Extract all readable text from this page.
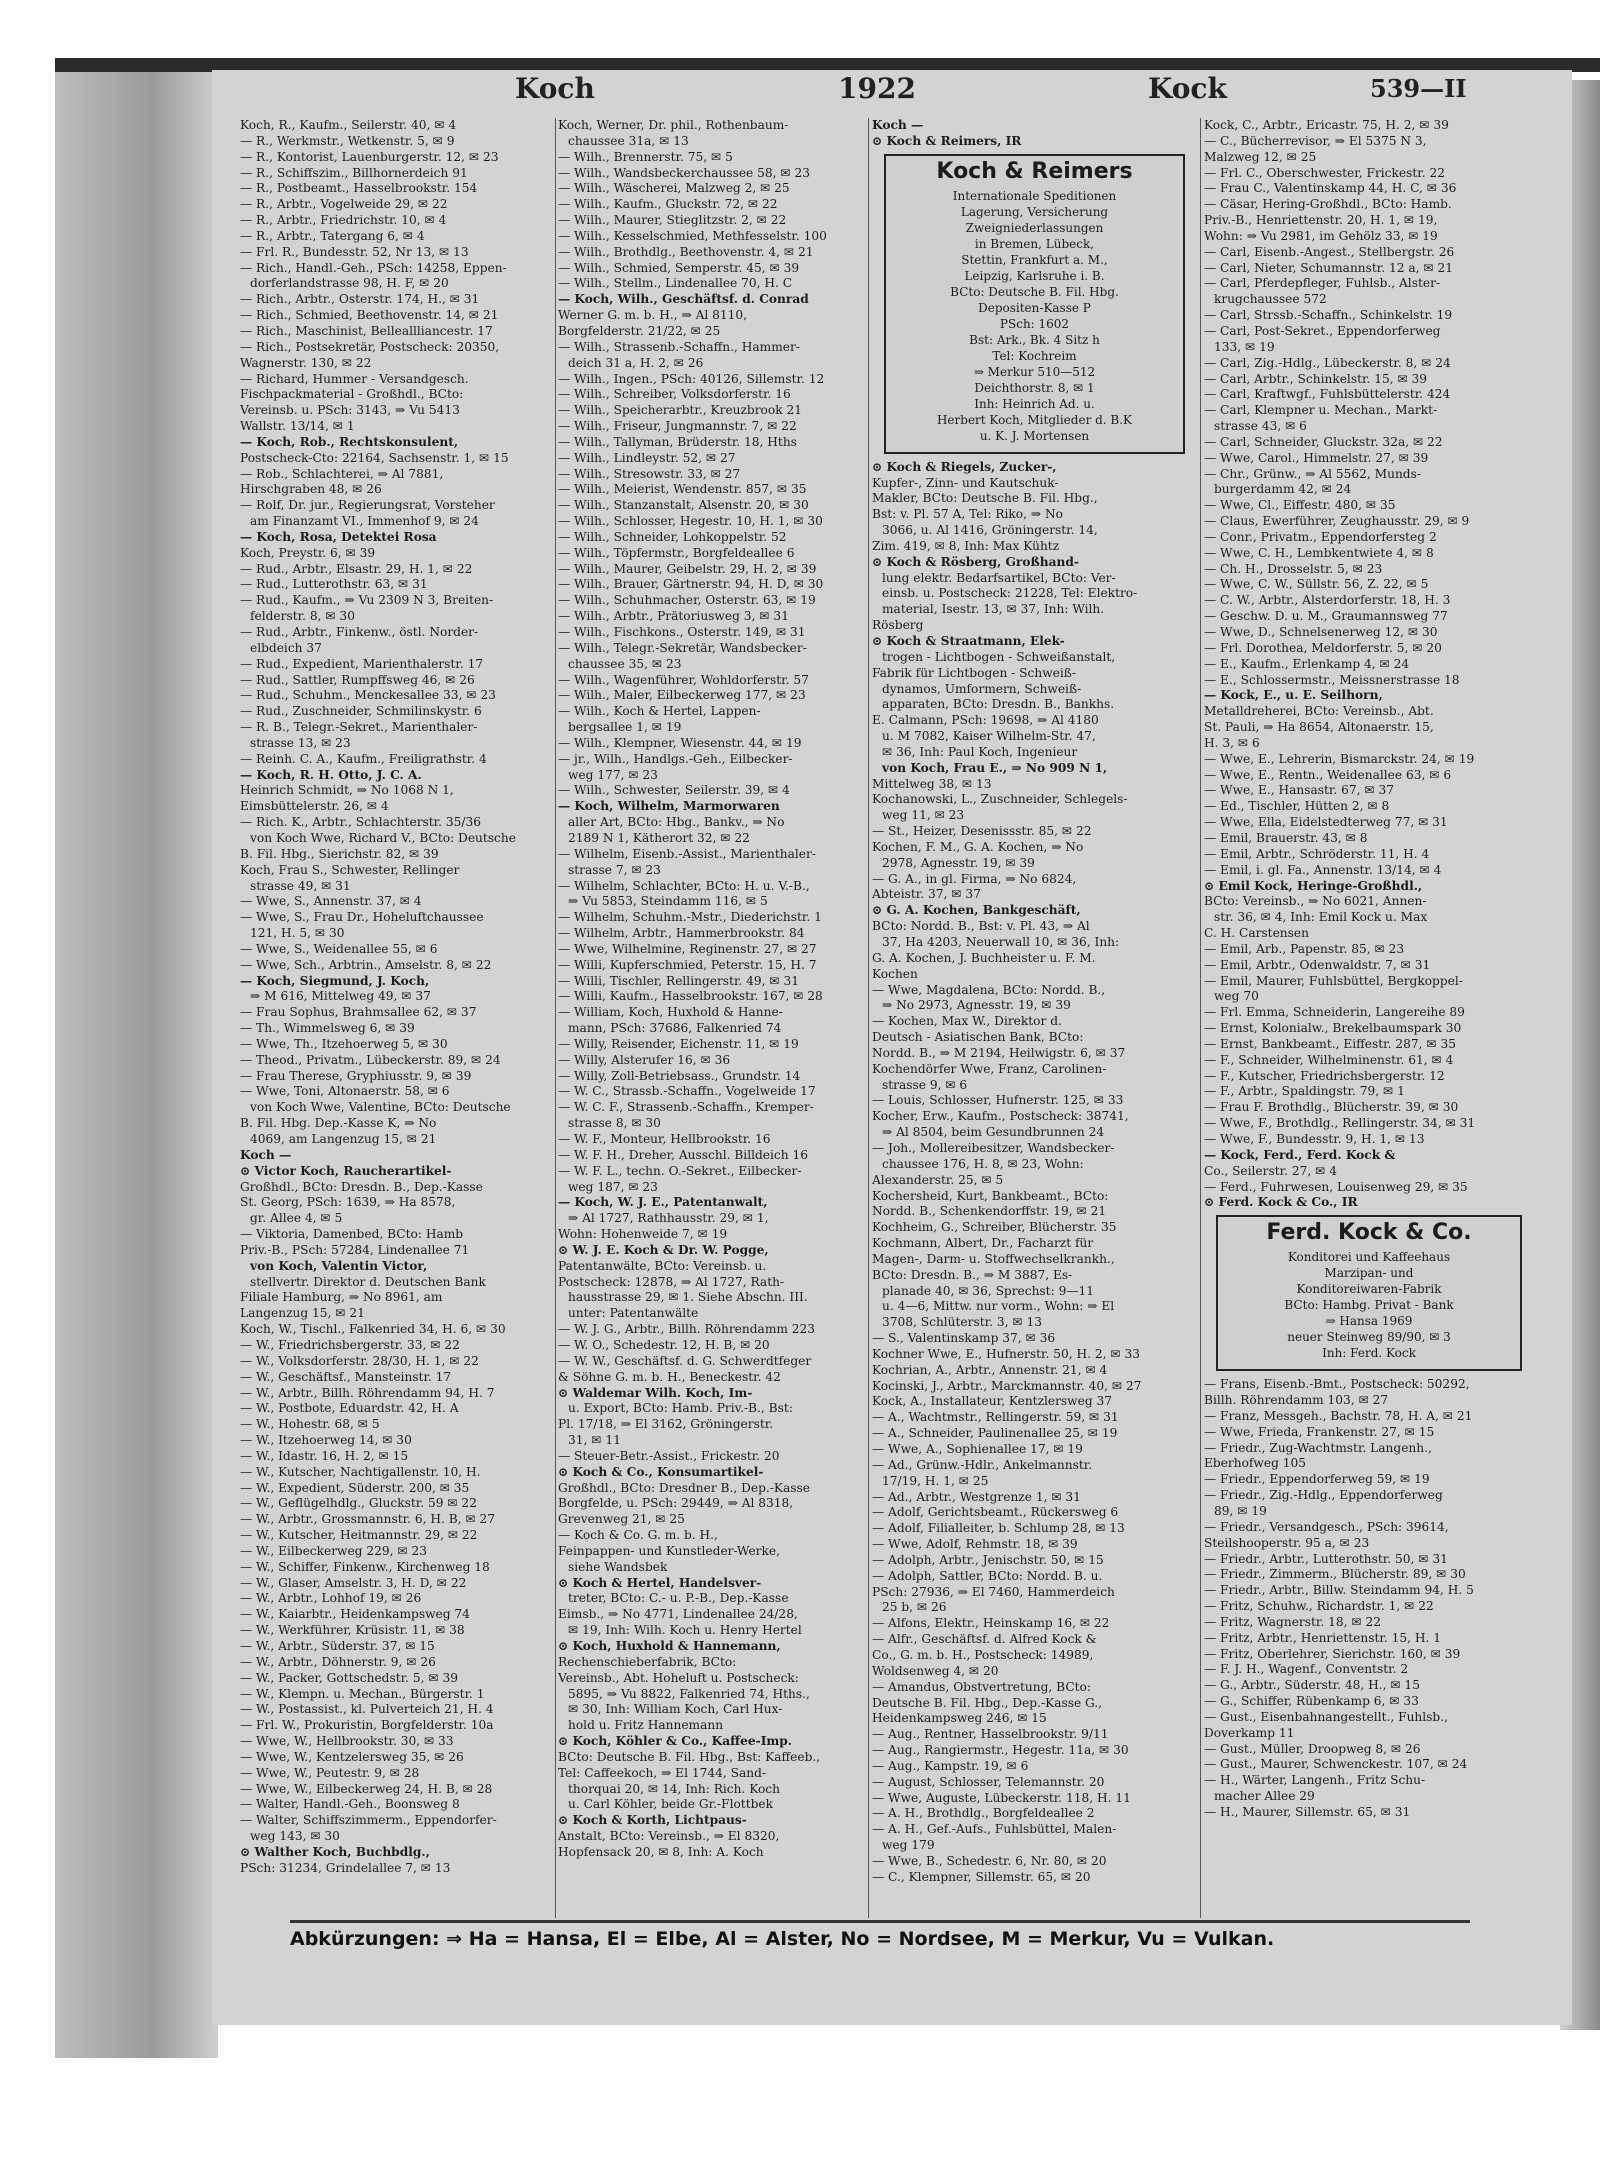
Koch	1922	Kock	539—II
Koch, R., Kaufm., Seilerstr. 40, ✉ 4
— R., Werkmstr., Wetkenstr. 5, ✉ 9
— R., Kontorist, Lauenburgerstr. 12, ✉ 23
— R., Schiffszim., Billhornerdeich 91
— R., Postbeamt., Hasselbrookstr. 154
— R., Arbtr., Vogelweide 29, ✉ 22
— R., Arbtr., Friedrichstr. 10, ✉ 4
— R., Arbtr., Tatergang 6, ✉ 4
— Frl. R., Bundesstr. 52, Nr 13, ✉ 13
— Rich., Handl.-Geh., PSch: 14258, Eppen-
dorferlandstrasse 98, H. F, ✉ 20
— Rich., Arbtr., Osterstr. 174, H., ✉ 31
— Rich., Schmied, Beethovenstr. 14, ✉ 21
— Rich., Maschinist, Belleallliancestr. 17
— Rich., Postsekretär, Postscheck: 20350,
Wagnerstr. 130, ✉ 22
— Richard, Hummer - Versandgesch.
Fischpackmaterial - Großhdl., BCto:
Vereinsb. u. PSch: 3143, ⇒ Vu 5413
Wallstr. 13/14, ✉ 1
— Koch, Rob., Rechtskonsulent,
Postscheck-Cto: 22164, Sachsenstr. 1, ✉ 15
— Rob., Schlachterei, ⇒ Al 7881,
Hirschgraben 48, ✉ 26
— Rolf, Dr. jur., Regierungsrat, Vorsteher
am Finanzamt VI., Immenhof 9, ✉ 24
— Koch, Rosa, Detektei Rosa
Koch, Preystr. 6, ✉ 39
— Rud., Arbtr., Elsastr. 29, H. 1, ✉ 22
— Rud., Lutterothstr. 63, ✉ 31
— Rud., Kaufm., ⇒ Vu 2309 N 3, Breiten-
felderstr. 8, ✉ 30
— Rud., Arbtr., Finkenw., östl. Norder-
elbdeich 37
— Rud., Expedient, Marienthalerstr. 17
— Rud., Sattler, Rumpffsweg 46, ✉ 26
— Rud., Schuhm., Menckesallee 33, ✉ 23
— Rud., Zuschneider, Schmilinskystr. 6
— R. B., Telegr.-Sekret., Marienthaler-
strasse 13, ✉ 23
— Reinh. C. A., Kaufm., Freiligrathstr. 4
— Koch, R. H. Otto, J. C. A.
Heinrich Schmidt, ⇒ No 1068 N 1,
Eimsbüttelerstr. 26, ✉ 4
— Rich. K., Arbtr., Schlachterstr. 35/36
von Koch Wwe, Richard V., BCto: Deutsche
B. Fil. Hbg., Sierichstr. 82, ✉ 39
Koch, Frau S., Schwester, Rellinger
strasse 49, ✉ 31
— Wwe, S., Annenstr. 37, ✉ 4
— Wwe, S., Frau Dr., Hoheluftchaussee
121, H. 5, ✉ 30
— Wwe, S., Weidenallee 55, ✉ 6
— Wwe, Sch., Arbtrin., Amselstr. 8, ✉ 22
— Koch, Siegmund, J. Koch,
⇒ M 616, Mittelweg 49, ✉ 37
— Frau Sophus, Brahmsallee 62, ✉ 37
— Th., Wimmelsweg 6, ✉ 39
— Wwe, Th., Itzehoerweg 5, ✉ 30
— Theod., Privatm., Lübeckerstr. 89, ✉ 24
— Frau Therese, Gryphiusstr. 9, ✉ 39
— Wwe, Toni, Altonaerstr. 58, ✉ 6
von Koch Wwe, Valentine, BCto: Deutsche
B. Fil. Hbg. Dep.-Kasse K, ⇒ No
4069, am Langenzug 15, ✉ 21
Koch —
⊙ Victor Koch, Raucherartikel-
Großhdl., BCto: Dresdn. B., Dep.-Kasse
St. Georg, PSch: 1639, ⇒ Ha 8578,
gr. Allee 4, ✉ 5
— Viktoria, Damenbed, BCto: Hamb
Priv.-B., PSch: 57284, Lindenallee 71
von Koch, Valentin Victor,
stellvertr. Direktor d. Deutschen Bank
Filiale Hamburg, ⇒ No 8961, am
Langenzug 15, ✉ 21
Koch, W., Tischl., Falkenried 34, H. 6, ✉ 30
— W., Friedrichsbergerstr. 33, ✉ 22
— W., Volksdorferstr. 28/30, H. 1, ✉ 22
— W., Geschäftsf., Mansteinstr. 17
— W., Arbtr., Billh. Röhrendamm 94, H. 7
— W., Postbote, Eduardstr. 42, H. A
— W., Hohestr. 68, ✉ 5
— W., Itzehoerweg 14, ✉ 30
— W., Idastr. 16, H. 2, ✉ 15
— W., Kutscher, Nachtigallenstr. 10, H.
— W., Expedient, Süderstr. 200, ✉ 35
— W., Geflügelhdlg., Gluckstr. 59 ✉ 22
— W., Arbtr., Grossmannstr. 6, H. B, ✉ 27
— W., Kutscher, Heitmannstr. 29, ✉ 22
— W., Eilbeckerweg 229, ✉ 23
— W., Schiffer, Finkenw., Kirchenweg 18
— W., Glaser, Amselstr. 3, H. D, ✉ 22
— W., Arbtr., Lohhof 19, ✉ 26
— W., Kaiarbtr., Heidenkampsweg 74
— W., Werkführer, Krüsistr. 11, ✉ 38
— W., Arbtr., Süderstr. 37, ✉ 15
— W., Arbtr., Döhnerstr. 9, ✉ 26
— W., Packer, Gottschedstr. 5, ✉ 39
— W., Klempn. u. Mechan., Bürgerstr. 1
— W., Postassist., kl. Pulverteich 21, H. 4
— Frl. W., Prokuristin, Borgfelderstr. 10a
— Wwe, W., Hellbrookstr. 30, ✉ 33
— Wwe, W., Kentzelersweg 35, ✉ 26
— Wwe, W., Peutestr. 9, ✉ 28
— Wwe, W., Eilbeckerweg 24, H. B, ✉ 28
— Walter, Handl.-Geh., Boonsweg 8
— Walter, Schiffszimmerm., Eppendorfer-
weg 143, ✉ 30
⊙ Walther Koch, Buchbdlg.,
PSch: 31234, Grindelallee 7, ✉ 13
Koch, Werner, Dr. phil., Rothenbaum-
chaussee 31a, ✉ 13
— Wilh., Brennerstr. 75, ✉ 5
— Wilh., Wandsbeckerchaussee 58, ✉ 23
— Wilh., Wäscherei, Malzweg 2, ✉ 25
— Wilh., Kaufm., Gluckstr. 72, ✉ 22
— Wilh., Maurer, Stieglitzstr. 2, ✉ 22
— Wilh., Kesselschmied, Methfesselstr. 100
— Wilh., Brothdlg., Beethovenstr. 4, ✉ 21
— Wilh., Schmied, Semperstr. 45, ✉ 39
— Wilh., Stellm., Lindenallee 70, H. C
— Koch, Wilh., Geschäftsf. d. Conrad
Werner G. m. b. H., ⇒ Al 8110,
Borgfelderstr. 21/22, ✉ 25
— Wilh., Strassenb.-Schaffn., Hammer-
deich 31 a, H. 2, ✉ 26
— Wilh., Ingen., PSch: 40126, Sillemstr. 12
— Wilh., Schreiber, Volksdorferstr. 16
— Wilh., Speicherarbtr., Kreuzbrook 21
— Wilh., Friseur, Jungmannstr. 7, ✉ 22
— Wilh., Tallyman, Brüderstr. 18, Hths
— Wilh., Lindleystr. 52, ✉ 27
— Wilh., Stresowstr. 33, ✉ 27
— Wilh., Meierist, Wendenstr. 857, ✉ 35
— Wilh., Stanzanstalt, Alsenstr. 20, ✉ 30
— Wilh., Schlosser, Hegestr. 10, H. 1, ✉ 30
— Wilh., Schneider, Lohkoppelstr. 52
— Wilh., Töpfermstr., Borgfeldeallee 6
— Wilh., Maurer, Geibelstr. 29, H. 2, ✉ 39
— Wilh., Brauer, Gärtnerstr. 94, H. D, ✉ 30
— Wilh., Schuhmacher, Osterstr. 63, ✉ 19
— Wilh., Arbtr., Prätoriusweg 3, ✉ 31
— Wilh., Fischkons., Osterstr. 149, ✉ 31
— Wilh., Telegr.-Sekretär, Wandsbecker-
chaussee 35, ✉ 23
— Wilh., Wagenführer, Wohldorferstr. 57
— Wilh., Maler, Eilbeckerweg 177, ✉ 23
— Wilh., Koch & Hertel, Lappen-
bergsallee 1, ✉ 19
— Wilh., Klempner, Wiesenstr. 44, ✉ 19
— jr., Wilh., Handlgs.-Geh., Eilbecker-
weg 177, ✉ 23
— Wilh., Schwester, Seilerstr. 39, ✉ 4
— Koch, Wilhelm, Marmorwaren
aller Art, BCto: Hbg., Bankv., ⇒ No
2189 N 1, Kätherort 32, ✉ 22
— Wilhelm, Eisenb.-Assist., Marienthaler-
strasse 7, ✉ 23
— Wilhelm, Schlachter, BCto: H. u. V.-B.,
⇒ Vu 5853, Steindamm 116, ✉ 5
— Wilhelm, Schuhm.-Mstr., Diederichstr. 1
— Wilhelm, Arbtr., Hammerbrookstr. 84
— Wwe, Wilhelmine, Reginenstr. 27, ✉ 27
— Willi, Kupferschmied, Peterstr. 15, H. 7
— Willi, Tischler, Rellingerstr. 49, ✉ 31
— Willi, Kaufm., Hasselbrookstr. 167, ✉ 28
— William, Koch, Huxhold & Hanne-
mann, PSch: 37686, Falkenried 74
— Willy, Reisender, Eichenstr. 11, ✉ 19
— Willy, Alsterufer 16, ✉ 36
— Willy, Zoll-Betriebsass., Grundstr. 14
— W. C., Strassb.-Schaffn., Vogelweide 17
— W. C. F., Strassenb.-Schaffn., Kremper-
strasse 8, ✉ 30
— W. F., Monteur, Hellbrookstr. 16
— W. F. H., Dreher, Ausschl. Billdeich 16
— W. F. L., techn. O.-Sekret., Eilbecker-
weg 187, ✉ 23
— Koch, W. J. E., Patentanwalt,
⇒ Al 1727, Rathhausstr. 29, ✉ 1,
Wohn: Hohenweide 7, ✉ 19
⊙ W. J. E. Koch & Dr. W. Pogge,
Patentanwälte, BCto: Vereinsb. u.
Postscheck: 12878, ⇒ Al 1727, Rath-
hausstrasse 29, ✉ 1. Siehe Abschn. III.
unter: Patentanwälte
— W. J. G., Arbtr., Billh. Röhrendamm 223
— W. O., Schedestr. 12, H. B, ✉ 20
— W. W., Geschäftsf. d. G. Schwerdtfeger
& Söhne G. m. b. H., Beneckestr. 42
⊙ Waldemar Wilh. Koch, Im-
u. Export, BCto: Hamb. Priv.-B., Bst:
Pl. 17/18, ⇒ El 3162, Gröningerstr.
31, ✉ 11
— Steuer-Betr.-Assist., Frickestr. 20
⊙ Koch & Co., Konsumartikel-
Großhdl., BCto: Dresdner B., Dep.-Kasse
Borgfelde, u. PSch: 29449, ⇒ Al 8318,
Grevenweg 21, ✉ 25
— Koch & Co. G. m. b. H.,
Feinpappen- und Kunstleder-Werke,
siehe Wandsbek
⊙ Koch & Hertel, Handelsver-
treter, BCto: C.- u. P.-B., Dep.-Kasse
Eimsb., ⇒ No 4771, Lindenallee 24/28,
✉ 19, Inh: Wilh. Koch u. Henry Hertel
⊙ Koch, Huxhold & Hannemann,
Rechenschieberfabrik, BCto:
Vereinsb., Abt. Hoheluft u. Postscheck:
5895, ⇒ Vu 8822, Falkenried 74, Hths.,
✉ 30, Inh: William Koch, Carl Hux-
hold u. Fritz Hannemann
⊙ Koch, Köhler & Co., Kaffee-Imp.
BCto: Deutsche B. Fil. Hbg., Bst: Kaffeeb.,
Tel: Caffeekoch, ⇒ El 1744, Sand-
thorquai 20, ✉ 14, Inh: Rich. Koch
u. Carl Köhler, beide Gr.-Flottbek
⊙ Koch & Korth, Lichtpaus-
Anstalt, BCto: Vereinsb., ⇒ El 8320,
Hopfensack 20, ✉ 8, Inh: A. Koch
Koch —
⊙ Koch & Reimers, IR
Koch & Reimers
Internationale Speditionen
Lagerung, Versicherung
Zweigniederlassungen
in Bremen, Lübeck,
Stettin, Frankfurt a. M.,
Leipzig, Karlsruhe i. B.
BCto: Deutsche B. Fil. Hbg.
Depositen-Kasse P
PSch: 1602
Bst: Ark., Bk. 4 Sitz h
Tel: Kochreim
⇒ Merkur 510—512
Deichthorstr. 8, ✉ 1
Inh: Heinrich Ad. u.
Herbert Koch, Mitglieder d. B.K
u. K. J. Mortensen
⊙ Koch & Riegels, Zucker-,
Kupfer-, Zinn- und Kautschuk-
Makler, BCto: Deutsche B. Fil. Hbg.,
Bst: v. Pl. 57 A, Tel: Riko, ⇒ No
3066, u. Al 1416, Gröningerstr. 14,
Zim. 419, ✉ 8, Inh: Max Kühtz
⊙ Koch & Rösberg, Großhand-
lung elektr. Bedarfsartikel, BCto: Ver-
einsb. u. Postscheck: 21228, Tel: Elektro-
material, Isestr. 13, ✉ 37, Inh: Wilh.
Rösberg
⊙ Koch & Straatmann, Elek-
trogen - Lichtbogen - Schweißanstalt,
Fabrik für Lichtbogen - Schweiß-
dynamos, Umformern, Schweiß-
apparaten, BCto: Dresdn. B., Bankhs.
E. Calmann, PSch: 19698, ⇒ Al 4180
u. M 7082, Kaiser Wilhelm-Str. 47,
✉ 36, Inh: Paul Koch, Ingenieur
von Koch, Frau E., ⇒ No 909 N 1,
Mittelweg 38, ✉ 13
Kochanowski, L., Zuschneider, Schlegels-
weg 11, ✉ 23
— St., Heizer, Desenissstr. 85, ✉ 22
Kochen, F. M., G. A. Kochen, ⇒ No
2978, Agnesstr. 19, ✉ 39
— G. A., in gl. Firma, ⇒ No 6824,
Abteistr. 37, ✉ 37
⊙ G. A. Kochen, Bankgeschäft,
BCto: Nordd. B., Bst: v. Pl. 43, ⇒ Al
37, Ha 4203, Neuerwall 10, ✉ 36, Inh:
G. A. Kochen, J. Buchheister u. F. M.
Kochen
— Wwe, Magdalena, BCto: Nordd. B.,
⇒ No 2973, Agnesstr. 19, ✉ 39
— Kochen, Max W., Direktor d.
Deutsch - Asiatischen Bank, BCto:
Nordd. B., ⇒ M 2194, Heilwigstr. 6, ✉ 37
Kochendörfer Wwe, Franz, Carolinen-
strasse 9, ✉ 6
— Louis, Schlosser, Hufnerstr. 125, ✉ 33
Kocher, Erw., Kaufm., Postscheck: 38741,
⇒ Al 8504, beim Gesundbrunnen 24
— Joh., Mollereibesitzer, Wandsbecker-
chaussee 176, H. 8, ✉ 23, Wohn:
Alexanderstr. 25, ✉ 5
Kochersheid, Kurt, Bankbeamt., BCto:
Nordd. B., Schenkendorffstr. 19, ✉ 21
Kochheim, G., Schreiber, Blücherstr. 35
Kochmann, Albert, Dr., Facharzt für
Magen-, Darm- u. Stoffwechselkrankh.,
BCto: Dresdn. B., ⇒ M 3887, Es-
planade 40, ✉ 36, Sprechst: 9—11
u. 4—6, Mittw. nur vorm., Wohn: ⇒ El
3708, Schlüterstr. 3, ✉ 13
— S., Valentinskamp 37, ✉ 36
Kochner Wwe, E., Hufnerstr. 50, H. 2, ✉ 33
Kochrian, A., Arbtr., Annenstr. 21, ✉ 4
Kocinski, J., Arbtr., Marckmannstr. 40, ✉ 27
Kock, A., Installateur, Kentzlersweg 37
— A., Wachtmstr., Rellingerstr. 59, ✉ 31
— A., Schneider, Paulinenallee 25, ✉ 19
— Wwe, A., Sophienallee 17, ✉ 19
— Ad., Grünw.-Hdlr., Ankelmannstr.
17/19, H. 1, ✉ 25
— Ad., Arbtr., Westgrenze 1, ✉ 31
— Adolf, Gerichtsbeamt., Rückersweg 6
— Adolf, Filialleiter, b. Schlump 28, ✉ 13
— Wwe, Adolf, Rehmstr. 18, ✉ 39
— Adolph, Arbtr., Jenischstr. 50, ✉ 15
— Adolph, Sattler, BCto: Nordd. B. u.
PSch: 27936, ⇒ El 7460, Hammerdeich
25 b, ✉ 26
— Alfons, Elektr., Heinskamp 16, ✉ 22
— Alfr., Geschäftsf. d. Alfred Kock &
Co., G. m. b. H., Postscheck: 14989,
Woldsenweg 4, ✉ 20
— Amandus, Obstvertretung, BCto:
Deutsche B. Fil. Hbg., Dep.-Kasse G.,
Heidenkampsweg 246, ✉ 15
— Aug., Rentner, Hasselbrookstr. 9/11
— Aug., Rangiermstr., Hegestr. 11a, ✉ 30
— Aug., Kampstr. 19, ✉ 6
— August, Schlosser, Telemannstr. 20
— Wwe, Auguste, Lübeckerstr. 118, H. 11
— A. H., Brothdlg., Borgfeldeallee 2
— A. H., Gef.-Aufs., Fuhlsbüttel, Malen-
weg 179
— Wwe, B., Schedestr. 6, Nr. 80, ✉ 20
— C., Klempner, Sillemstr. 65, ✉ 20
Kock, C., Arbtr., Ericastr. 75, H. 2, ✉ 39
— C., Bücherrevisor, ⇒ El 5375 N 3,
Malzweg 12, ✉ 25
— Frl. C., Oberschwester, Frickestr. 22
— Frau C., Valentinskamp 44, H. C, ✉ 36
— Cäsar, Hering-Großhdl., BCto: Hamb.
Priv.-B., Henriettenstr. 20, H. 1, ✉ 19,
Wohn: ⇒ Vu 2981, im Gehölz 33, ✉ 19
— Carl, Eisenb.-Angest., Stellbergstr. 26
— Carl, Nieter, Schumannstr. 12 a, ✉ 21
— Carl, Pferdepfleger, Fuhlsb., Alster-
krugchaussee 572
— Carl, Strssb.-Schaffn., Schinkelstr. 19
— Carl, Post-Sekret., Eppendorferweg
133, ✉ 19
— Carl, Zig.-Hdlg., Lübeckerstr. 8, ✉ 24
— Carl, Arbtr., Schinkelstr. 15, ✉ 39
— Carl, Kraftwgf., Fuhlsbüttelerstr. 424
— Carl, Klempner u. Mechan., Markt-
strasse 43, ✉ 6
— Carl, Schneider, Gluckstr. 32a, ✉ 22
— Wwe, Carol., Himmelstr. 27, ✉ 39
— Chr., Grünw., ⇒ Al 5562, Munds-
burgerdamm 42, ✉ 24
— Wwe, Cl., Eiffestr. 480, ✉ 35
— Claus, Ewerführer, Zeughausstr. 29, ✉ 9
— Conr., Privatm., Eppendorfersteg 2
— Wwe, C. H., Lembkentwiete 4, ✉ 8
— Ch. H., Drosselstr. 5, ✉ 23
— Wwe, C. W., Süllstr. 56, Z. 22, ✉ 5
— C. W., Arbtr., Alsterdorferstr. 18, H. 3
— Geschw. D. u. M., Graumannsweg 77
— Wwe, D., Schnelsenerweg 12, ✉ 30
— Frl. Dorothea, Meldorferstr. 5, ✉ 20
— E., Kaufm., Erlenkamp 4, ✉ 24
— E., Schlossermstr., Meissnerstrasse 18
— Kock, E., u. E. Seilhorn,
Metalldreherei, BCto: Vereinsb., Abt.
St. Pauli, ⇒ Ha 8654, Altonaerstr. 15,
H. 3, ✉ 6
— Wwe, E., Lehrerin, Bismarckstr. 24, ✉ 19
— Wwe, E., Rentn., Weidenallee 63, ✉ 6
— Wwe, E., Hansastr. 67, ✉ 37
— Ed., Tischler, Hütten 2, ✉ 8
— Wwe, Ella, Eidelstedterweg 77, ✉ 31
— Emil, Brauerstr. 43, ✉ 8
— Emil, Arbtr., Schröderstr. 11, H. 4
— Emil, i. gl. Fa., Annenstr. 13/14, ✉ 4
⊙ Emil Kock, Heringe-Großhdl.,
BCto: Vereinsb., ⇒ No 6021, Annen-
str. 36, ✉ 4, Inh: Emil Kock u. Max
C. H. Carstensen
— Emil, Arb., Papenstr. 85, ✉ 23
— Emil, Arbtr., Odenwaldstr. 7, ✉ 31
— Emil, Maurer, Fuhlsbüttel, Bergkoppel-
weg 70
— Frl. Emma, Schneiderin, Langereihe 89
— Ernst, Kolonialw., Brekelbaumspark 30
— Ernst, Bankbeamt., Eiffestr. 287, ✉ 35
— F., Schneider, Wilhelminenstr. 61, ✉ 4
— F., Kutscher, Friedrichsbergerstr. 12
— F., Arbtr., Spaldingstr. 79, ✉ 1
— Frau F. Brothdlg., Blücherstr. 39, ✉ 30
— Wwe, F., Brothdlg., Rellingerstr. 34, ✉ 31
— Wwe, F., Bundesstr. 9, H. 1, ✉ 13
— Kock, Ferd., Ferd. Kock &
Co., Seilerstr. 27, ✉ 4
— Ferd., Fuhrwesen, Louisenweg 29, ✉ 35
⊙ Ferd. Kock & Co., IR
Ferd. Kock & Co.
Konditorei und Kaffeehaus
Marzipan- und
Konditoreiwaren-Fabrik
BCto: Hambg. Privat - Bank
⇒ Hansa 1969
neuer Steinweg 89/90, ✉ 3
Inh: Ferd. Kock
— Frans, Eisenb.-Bmt., Postscheck: 50292,
Billh. Röhrendamm 103, ✉ 27
— Franz, Messgeh., Bachstr. 78, H. A, ✉ 21
— Wwe, Frieda, Frankenstr. 27, ✉ 15
— Friedr., Zug-Wachtmstr. Langenh.,
Eberhofweg 105
— Friedr., Eppendorferweg 59, ✉ 19
— Friedr., Zig.-Hdlg., Eppendorferweg
89, ✉ 19
— Friedr., Versandgesch., PSch: 39614,
Steilshooperstr. 95 a, ✉ 23
— Friedr., Arbtr., Lutterothstr. 50, ✉ 31
— Friedr., Zimmerm., Blücherstr. 89, ✉ 30
— Friedr., Arbtr., Billw. Steindamm 94, H. 5
— Fritz, Schuhw., Richardstr. 1, ✉ 22
— Fritz, Wagnerstr. 18, ✉ 22
— Fritz, Arbtr., Henriettenstr. 15, H. 1
— Fritz, Oberlehrer, Sierichstr. 160, ✉ 39
— F. J. H., Wagenf., Conventstr. 2
— G., Arbtr., Süderstr. 48, H., ✉ 15
— G., Schiffer, Rübenkamp 6, ✉ 33
— Gust., Eisenbahnangestellt., Fuhlsb.,
Doverkamp 11
— Gust., Müller, Droopweg 8, ✉ 26
— Gust., Maurer, Schwenckestr. 107, ✉ 24
— H., Wärter, Langenh., Fritz Schu-
macher Allee 29
— H., Maurer, Sillemstr. 65, ✉ 31
Abkürzungen: ⇒ Ha = Hansa, El = Elbe, Al = Alster, No = Nordsee, M = Merkur, Vu = Vulkan.
